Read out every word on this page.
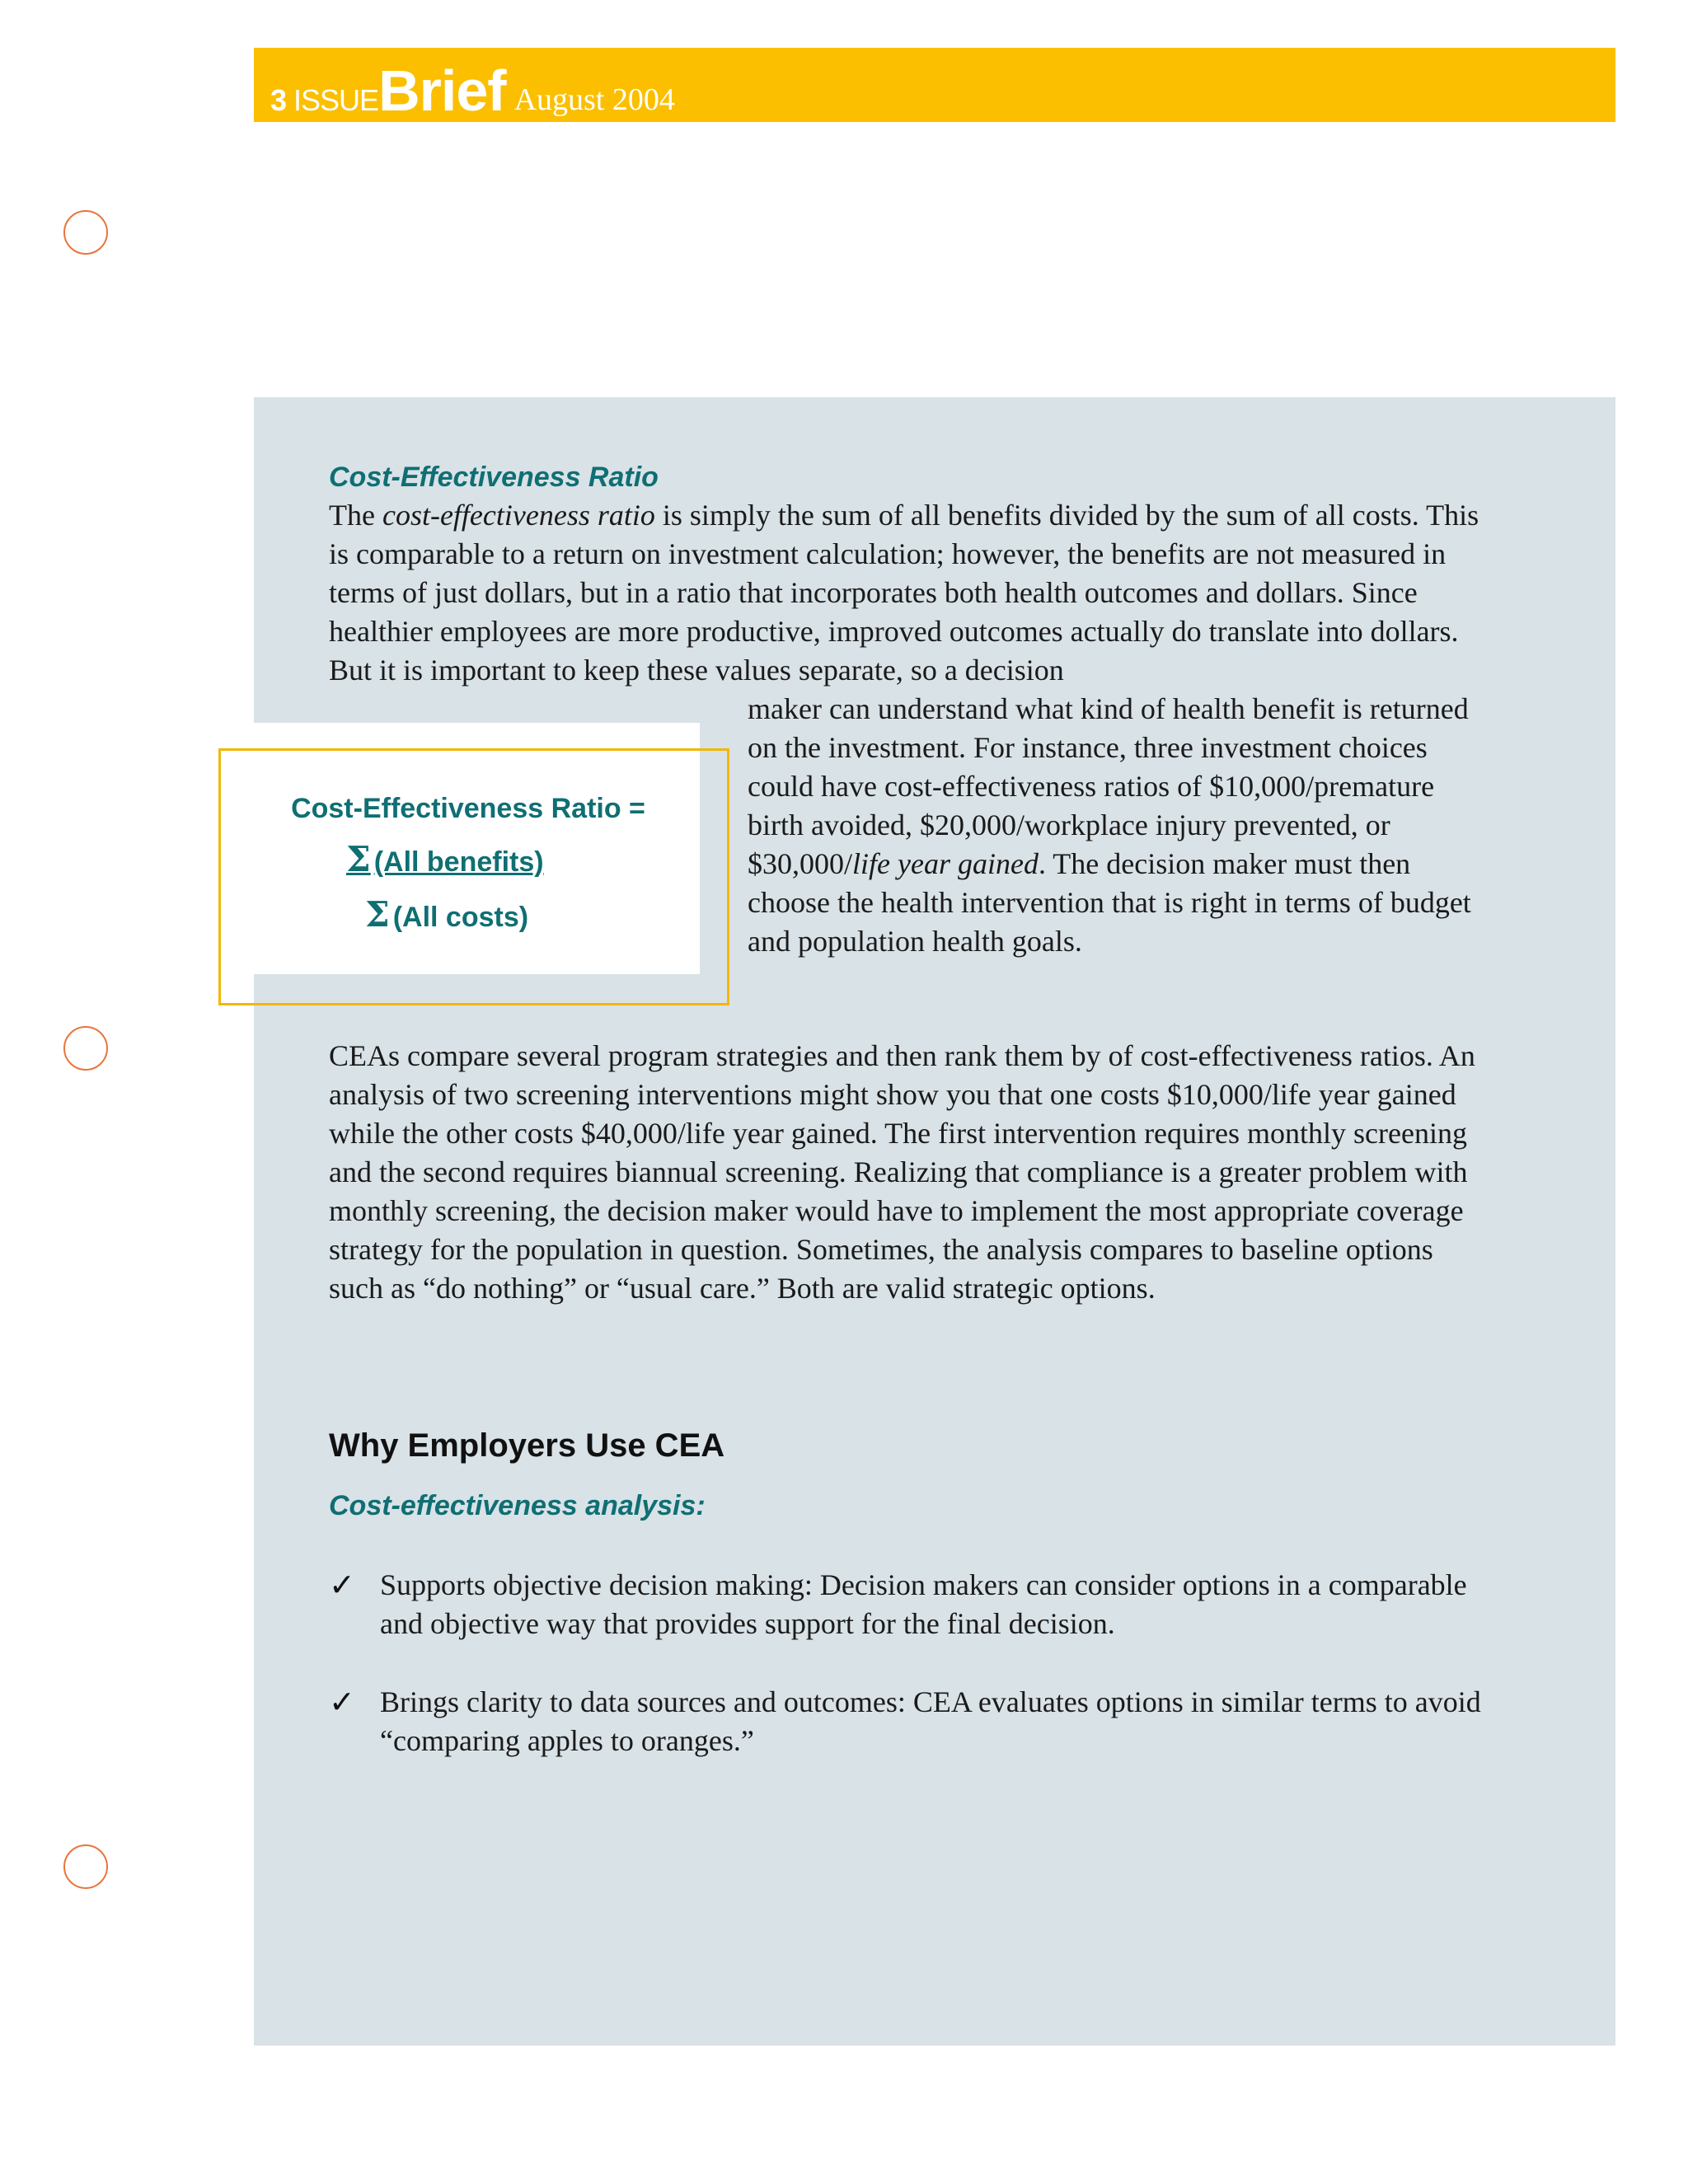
3 ISSUE Brief August 2004
Cost-Effectiveness Ratio

The cost-effectiveness ratio is simply the sum of all benefits divided by the sum of all costs. This is comparable to a return on investment calculation; however, the benefits are not measured in terms of just dollars, but in a ratio that incorporates both health outcomes and dollars. Since healthier employees are more productive, improved outcomes actually do translate into dollars. But it is important to keep these values separate, so a decision

maker can understand what kind of health benefit is returned on the investment. For instance, three investment choices could have cost-effectiveness ratios of $10,000/premature birth avoided, $20,000/workplace injury prevented, or $30,000/life year gained. The decision maker must then choose the health intervention that is right in terms of budget and population health goals.

Cost-Effectiveness Ratio =
Σ (All benefits)
Σ (All costs)

CEAs compare several program strategies and then rank them by of cost-effectiveness ratios. An analysis of two screening interventions might show you that one costs $10,000/life year gained while the other costs $40,000/life year gained. The first intervention requires monthly screening and the second requires biannual screening. Realizing that compliance is a greater problem with monthly screening, the decision maker would have to implement the most appropriate coverage strategy for the population in question. Sometimes, the analysis compares to baseline options such as “do nothing” or “usual care.” Both are valid strategic options.

Why Employers Use CEA
Cost-effectiveness analysis:
✓ Supports objective decision making: Decision makers can consider options in a comparable and objective way that provides support for the final decision.

✓ Brings clarity to data sources and outcomes: CEA evaluates options in similar terms to avoid “comparing apples to oranges.”
